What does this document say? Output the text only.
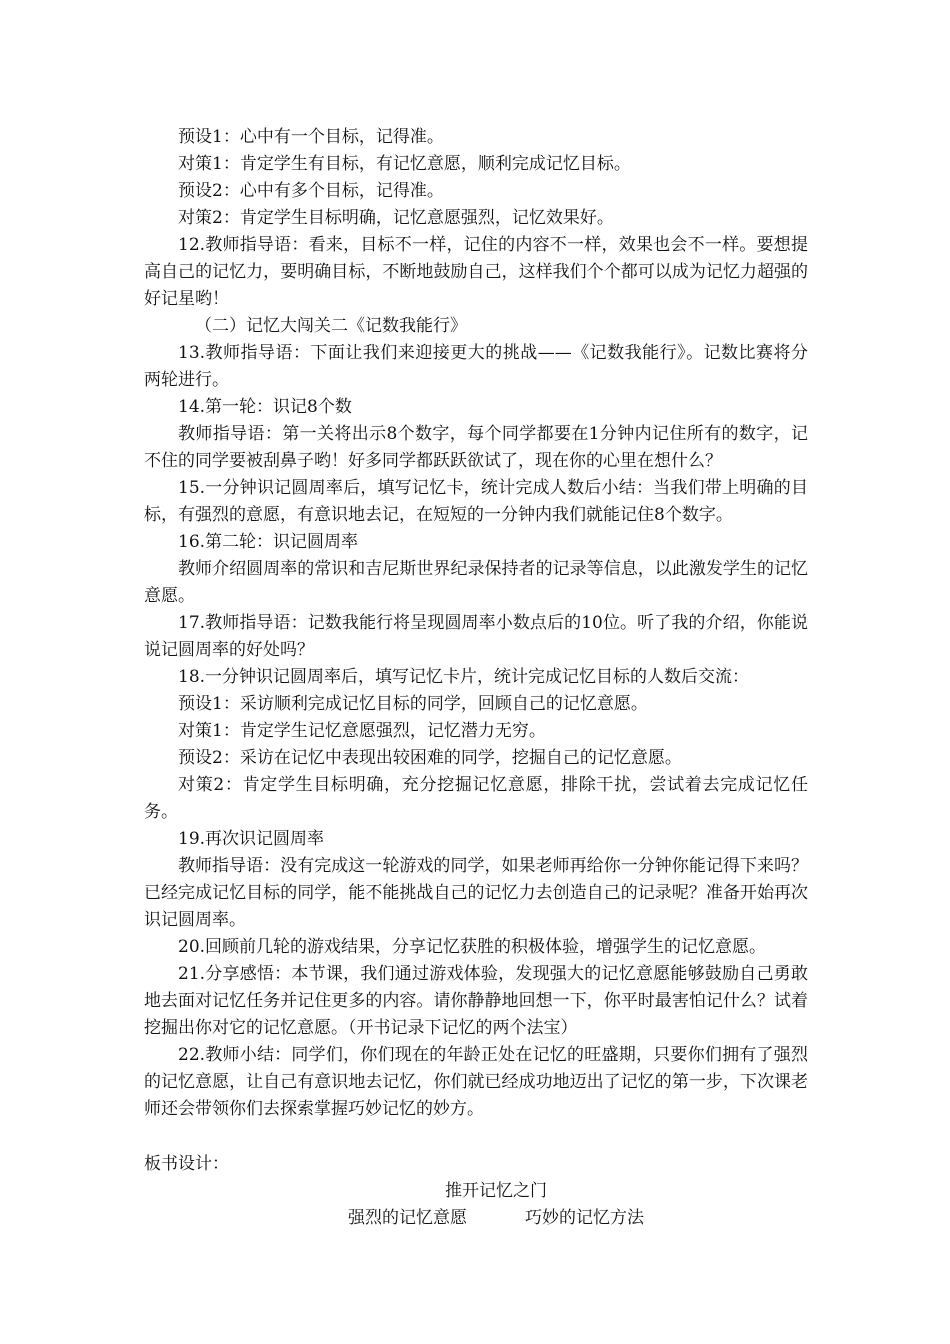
预设1：心中有一个目标，记得准。

对策1：肯定学生有目标，有记忆意愿，顺利完成记忆目标。

预设2：心中有多个目标，记得准。

对策2：肯定学生目标明确，记忆意愿强烈，记忆效果好。

12.教师指导语：看来，目标不一样，记住的内容不一样，效果也会不一样。要想提高自己的记忆力，要明确目标，不断地鼓励自己，这样我们个个都可以成为记忆力超强的好记星哟！

（二）记忆大闯关二《记数我能行》

13.教师指导语：下面让我们来迎接更大的挑战——《记数我能行》。记数比赛将分两轮进行。

14.第一轮：识记8个数

教师指导语：第一关将出示8个数字，每个同学都要在1分钟内记住所有的数字，记不住的同学要被刮鼻子哟！好多同学都跃跃欲试了，现在你的心里在想什么？

15.一分钟识记圆周率后，填写记忆卡，统计完成人数后小结：当我们带上明确的目标，有强烈的意愿，有意识地去记，在短短的一分钟内我们就能记住8个数字。

16.第二轮：识记圆周率

教师介绍圆周率的常识和吉尼斯世界纪录保持者的记录等信息，以此激发学生的记忆意愿。

17.教师指导语：记数我能行将呈现圆周率小数点后的10位。听了我的介绍，你能说说记圆周率的好处吗？

18.一分钟识记圆周率后，填写记忆卡片，统计完成记忆目标的人数后交流：

预设1：采访顺利完成记忆目标的同学，回顾自己的记忆意愿。

对策1：肯定学生记忆意愿强烈，记忆潜力无穷。

预设2：采访在记忆中表现出较困难的同学，挖掘自己的记忆意愿。

对策2：肯定学生目标明确，充分挖掘记忆意愿，排除干扰，尝试着去完成记忆任务。

19.再次识记圆周率

教师指导语：没有完成这一轮游戏的同学，如果老师再给你一分钟你能记得下来吗？已经完成记忆目标的同学，能不能挑战自己的记忆力去创造自己的记录呢？准备开始再次识记圆周率。

20.回顾前几轮的游戏结果，分享记忆获胜的积极体验，增强学生的记忆意愿。

21.分享感悟：本节课，我们通过游戏体验，发现强大的记忆意愿能够鼓励自己勇敢地去面对记忆任务并记住更多的内容。请你静静地回想一下，你平时最害怕记什么？试着挖掘出你对它的记忆意愿。（开书记录下记忆的两个法宝）

22.教师小结：同学们，你们现在的年龄正处在记忆的旺盛期，只要你们拥有了强烈的记忆意愿，让自己有意识地去记忆，你们就已经成功地迈出了记忆的第一步，下次课老师还会带领你们去探索掌握巧妙记忆的妙方。

板书设计：

推开记忆之门

强烈的记忆意愿	巧妙的记忆方法
